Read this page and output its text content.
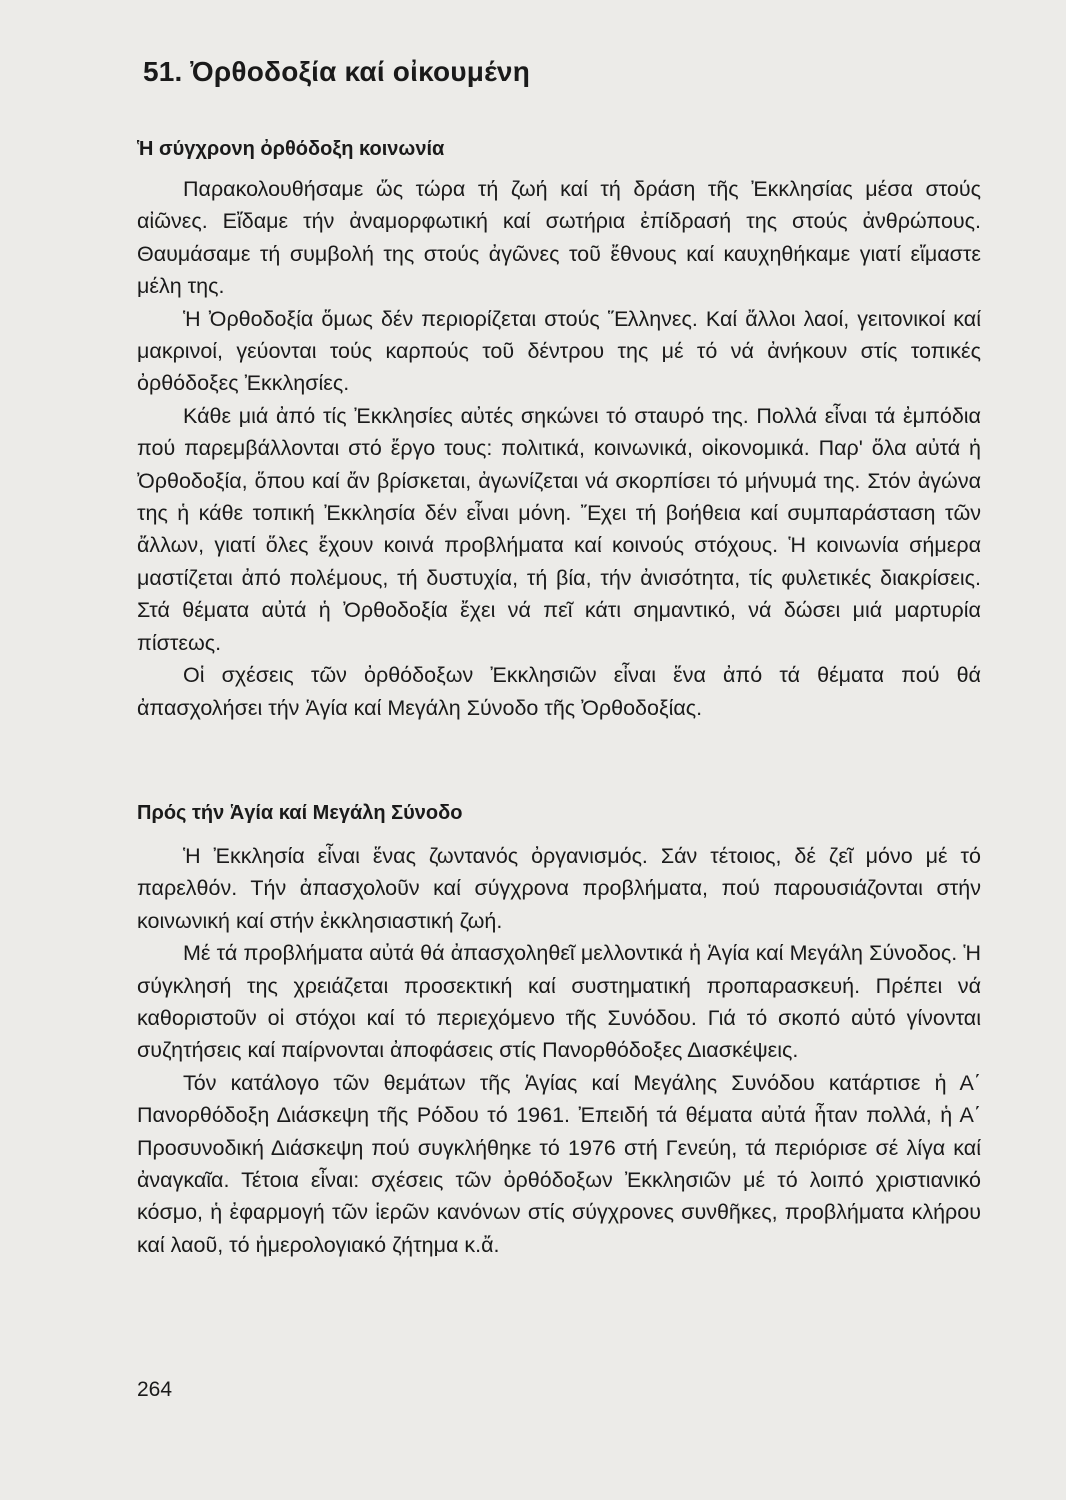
51. Ὀρθοδοξία καί οἰκουμένη
Ἡ σύγχρονη ὀρθόδοξη κοινωνία

Παρακολουθήσαμε ὥς τώρα τή ζωή καί τή δράση τῆς Ἐκκλησίας μέσα στούς αἰῶνες. Εἴδαμε τήν ἀναμορφωτική καί σωτήρια ἐπίδρασή της στούς ἀνθρώπους. Θαυμάσαμε τή συμβολή της στούς ἀγῶνες τοῦ ἔθνους καί καυχηθήκαμε γιατί εἴμαστε μέλη της.

Ἡ Ὀρθοδοξία ὅμως δέν περιορίζεται στούς Ἕλληνες. Καί ἄλλοι λαοί, γειτονικοί καί μακρινοί, γεύονται τούς καρπούς τοῦ δέντρου της μέ τό νά ἀνήκουν στίς τοπικές ὀρθόδοξες Ἐκκλησίες.

Κάθε μιά ἀπό τίς Ἐκκλησίες αὐτές σηκώνει τό σταυρό της. Πολλά εἶναι τά ἐμπόδια πού παρεμβάλλονται στό ἔργο τους: πολιτικά, κοινωνικά, οἰκονομικά. Παρ' ὅλα αὐτά ἡ Ὀρθοδοξία, ὅπου καί ἄν βρίσκεται, ἀγωνίζεται νά σκορπίσει τό μήνυμά της. Στόν ἀγώνα της ἡ κάθε τοπική Ἐκκλησία δέν εἶναι μόνη. Ἔχει τή βοήθεια καί συμπαράσταση τῶν ἄλλων, γιατί ὅλες ἔχουν κοινά προβλήματα καί κοινούς στόχους. Ἡ κοινωνία σήμερα μαστίζεται ἀπό πολέμους, τή δυστυχία, τή βία, τήν ἀνισότητα, τίς φυλετικές διακρίσεις. Στά θέματα αὐτά ἡ Ὀρθοδοξία ἔχει νά πεῖ κάτι σημαντικό, νά δώσει μιά μαρτυρία πίστεως.

Οἱ σχέσεις τῶν ὀρθόδοξων Ἐκκλησιῶν εἶναι ἕνα ἀπό τά θέματα πού θά ἀπασχολήσει τήν Ἁγία καί Μεγάλη Σύνοδο τῆς Ὀρθοδοξίας.

Πρός τήν Ἁγία καί Μεγάλη Σύνοδο

Ἡ Ἐκκλησία εἶναι ἕνας ζωντανός ὀργανισμός. Σάν τέτοιος, δέ ζεῖ μόνο μέ τό παρελθόν. Τήν ἀπασχολοῦν καί σύγχρονα προβλήματα, πού παρουσιάζονται στήν κοινωνική καί στήν ἐκκλησιαστική ζωή.

Μέ τά προβλήματα αὐτά θά ἀπασχοληθεῖ μελλοντικά ἡ Ἁγία καί Μεγάλη Σύνοδος. Ἡ σύγκλησή της χρειάζεται προσεκτική καί συστηματική προπαρασκευή. Πρέπει νά καθοριστοῦν οἱ στόχοι καί τό περιεχόμενο τῆς Συνόδου. Γιά τό σκοπό αὐτό γίνονται συζητήσεις καί παίρνονται ἀποφάσεις στίς Πανορθόδοξες Διασκέψεις.

Τόν κατάλογο τῶν θεμάτων τῆς Ἁγίας καί Μεγάλης Συνόδου κατάρτισε ἡ Α΄ Πανορθόδοξη Διάσκεψη τῆς Ρόδου τό 1961. Ἐπειδή τά θέματα αὐτά ἦταν πολλά, ἡ Α΄ Προσυνοδική Διάσκεψη πού συγκλήθηκε τό 1976 στή Γενεύη, τά περιόρισε σέ λίγα καί ἀναγκαῖα. Τέτοια εἶναι: σχέσεις τῶν ὀρθόδοξων Ἐκκλησιῶν μέ τό λοιπό χριστιανικό κόσμο, ἡ ἐφαρμογή τῶν ἱερῶν κανόνων στίς σύγχρονες συνθῆκες, προβλήματα κλήρου καί λαοῦ, τό ἡμερολογιακό ζήτημα κ.ἄ.

264
